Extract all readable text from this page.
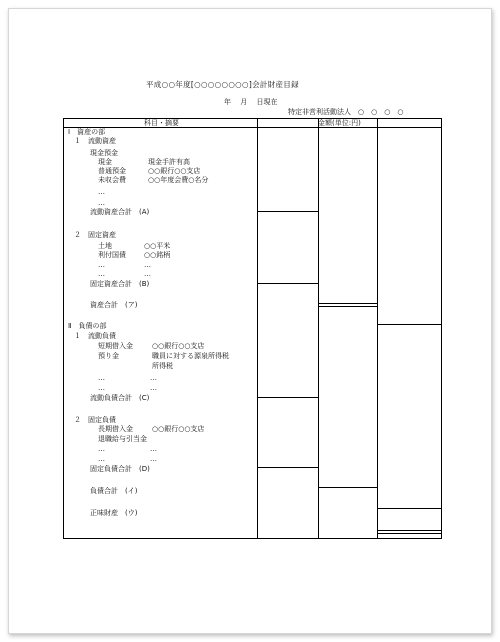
平成○○年度[○○○○○○○○]会計財産目録
年　 月　 日現在
特定非営利活動法人　○　○　○　○
科目・摘要	金額(単位:円)
Ⅰ　資産の部
１　流動資産
現金預金
現金	現金手許有高
普通預金	○○銀行○○支店
未収会費	○○年度会費○名分
…
…
流動資産合計　(A)
２　固定資産
土地	○○平米
利付国債	○○銘柄
…	…
…	…
固定資産合計　(B)
資産合計　(ア)
Ⅱ　負債の部
１　流動負債
短期借入金	○○銀行○○支店
預り金	職員に対する源泉所得税
所得税
…	…
…	…
流動負債合計　(C)
２　固定負債
長期借入金	○○銀行○○支店
退職給与引当金
…	…
…	…
固定負債合計　(D)
負債合計　(イ)
正味財産　(ウ)
